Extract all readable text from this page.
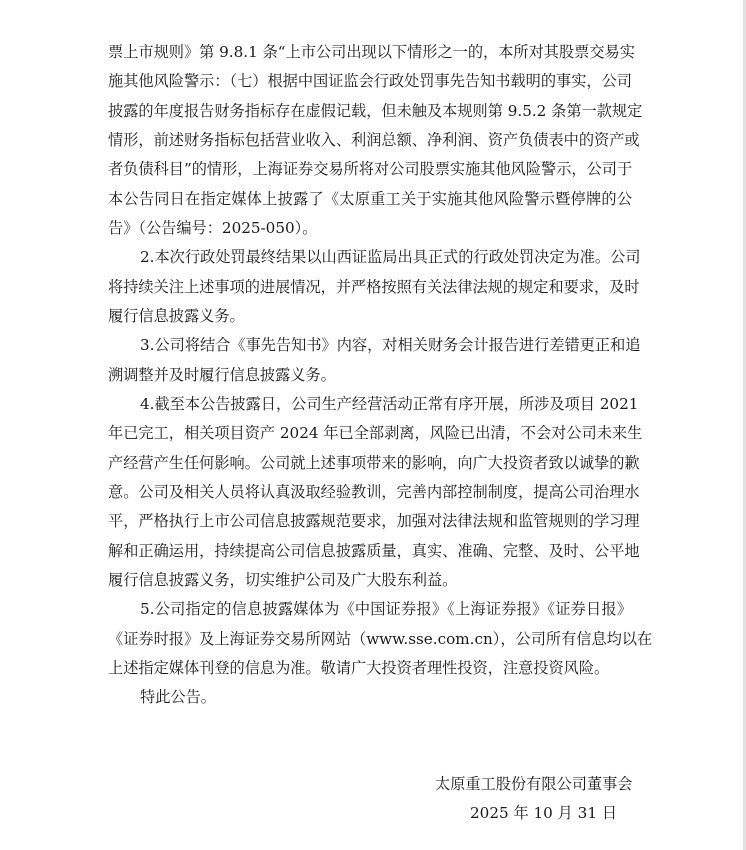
票上市规则》第 9.8.1 条“上市公司出现以下情形之一的，本所对其股票交易实
施其他风险警示：（七）根据中国证监会行政处罚事先告知书载明的事实，公司
披露的年度报告财务指标存在虚假记载，但未触及本规则第 9.5.2 条第一款规定
情形，前述财务指标包括营业收入、利润总额、净利润、资产负债表中的资产或
者负债科目”的情形，上海证券交易所将对公司股票实施其他风险警示，公司于
本公告同日在指定媒体上披露了《太原重工关于实施其他风险警示暨停牌的公
告》（公告编号：2025-050）。
2.本次行政处罚最终结果以山西证监局出具正式的行政处罚决定为准。公司
将持续关注上述事项的进展情况，并严格按照有关法律法规的规定和要求，及时
履行信息披露义务。
3.公司将结合《事先告知书》内容，对相关财务会计报告进行差错更正和追
溯调整并及时履行信息披露义务。
4.截至本公告披露日，公司生产经营活动正常有序开展，所涉及项目 2021
年已完工，相关项目资产 2024 年已全部剥离，风险已出清，不会对公司未来生
产经营产生任何影响。公司就上述事项带来的影响，向广大投资者致以诚挚的歉
意。公司及相关人员将认真汲取经验教训，完善内部控制制度，提高公司治理水
平，严格执行上市公司信息披露规范要求，加强对法律法规和监管规则的学习理
解和正确运用，持续提高公司信息披露质量，真实、准确、完整、及时、公平地
履行信息披露义务，切实维护公司及广大股东利益。
5.公司指定的信息披露媒体为《中国证券报》《上海证券报》《证券日报》
《证券时报》及上海证券交易所网站（www.sse.com.cn），公司所有信息均以在
上述指定媒体刊登的信息为准。敬请广大投资者理性投资，注意投资风险。
特此公告。
太原重工股份有限公司董事会
2025 年 10 月 31 日
